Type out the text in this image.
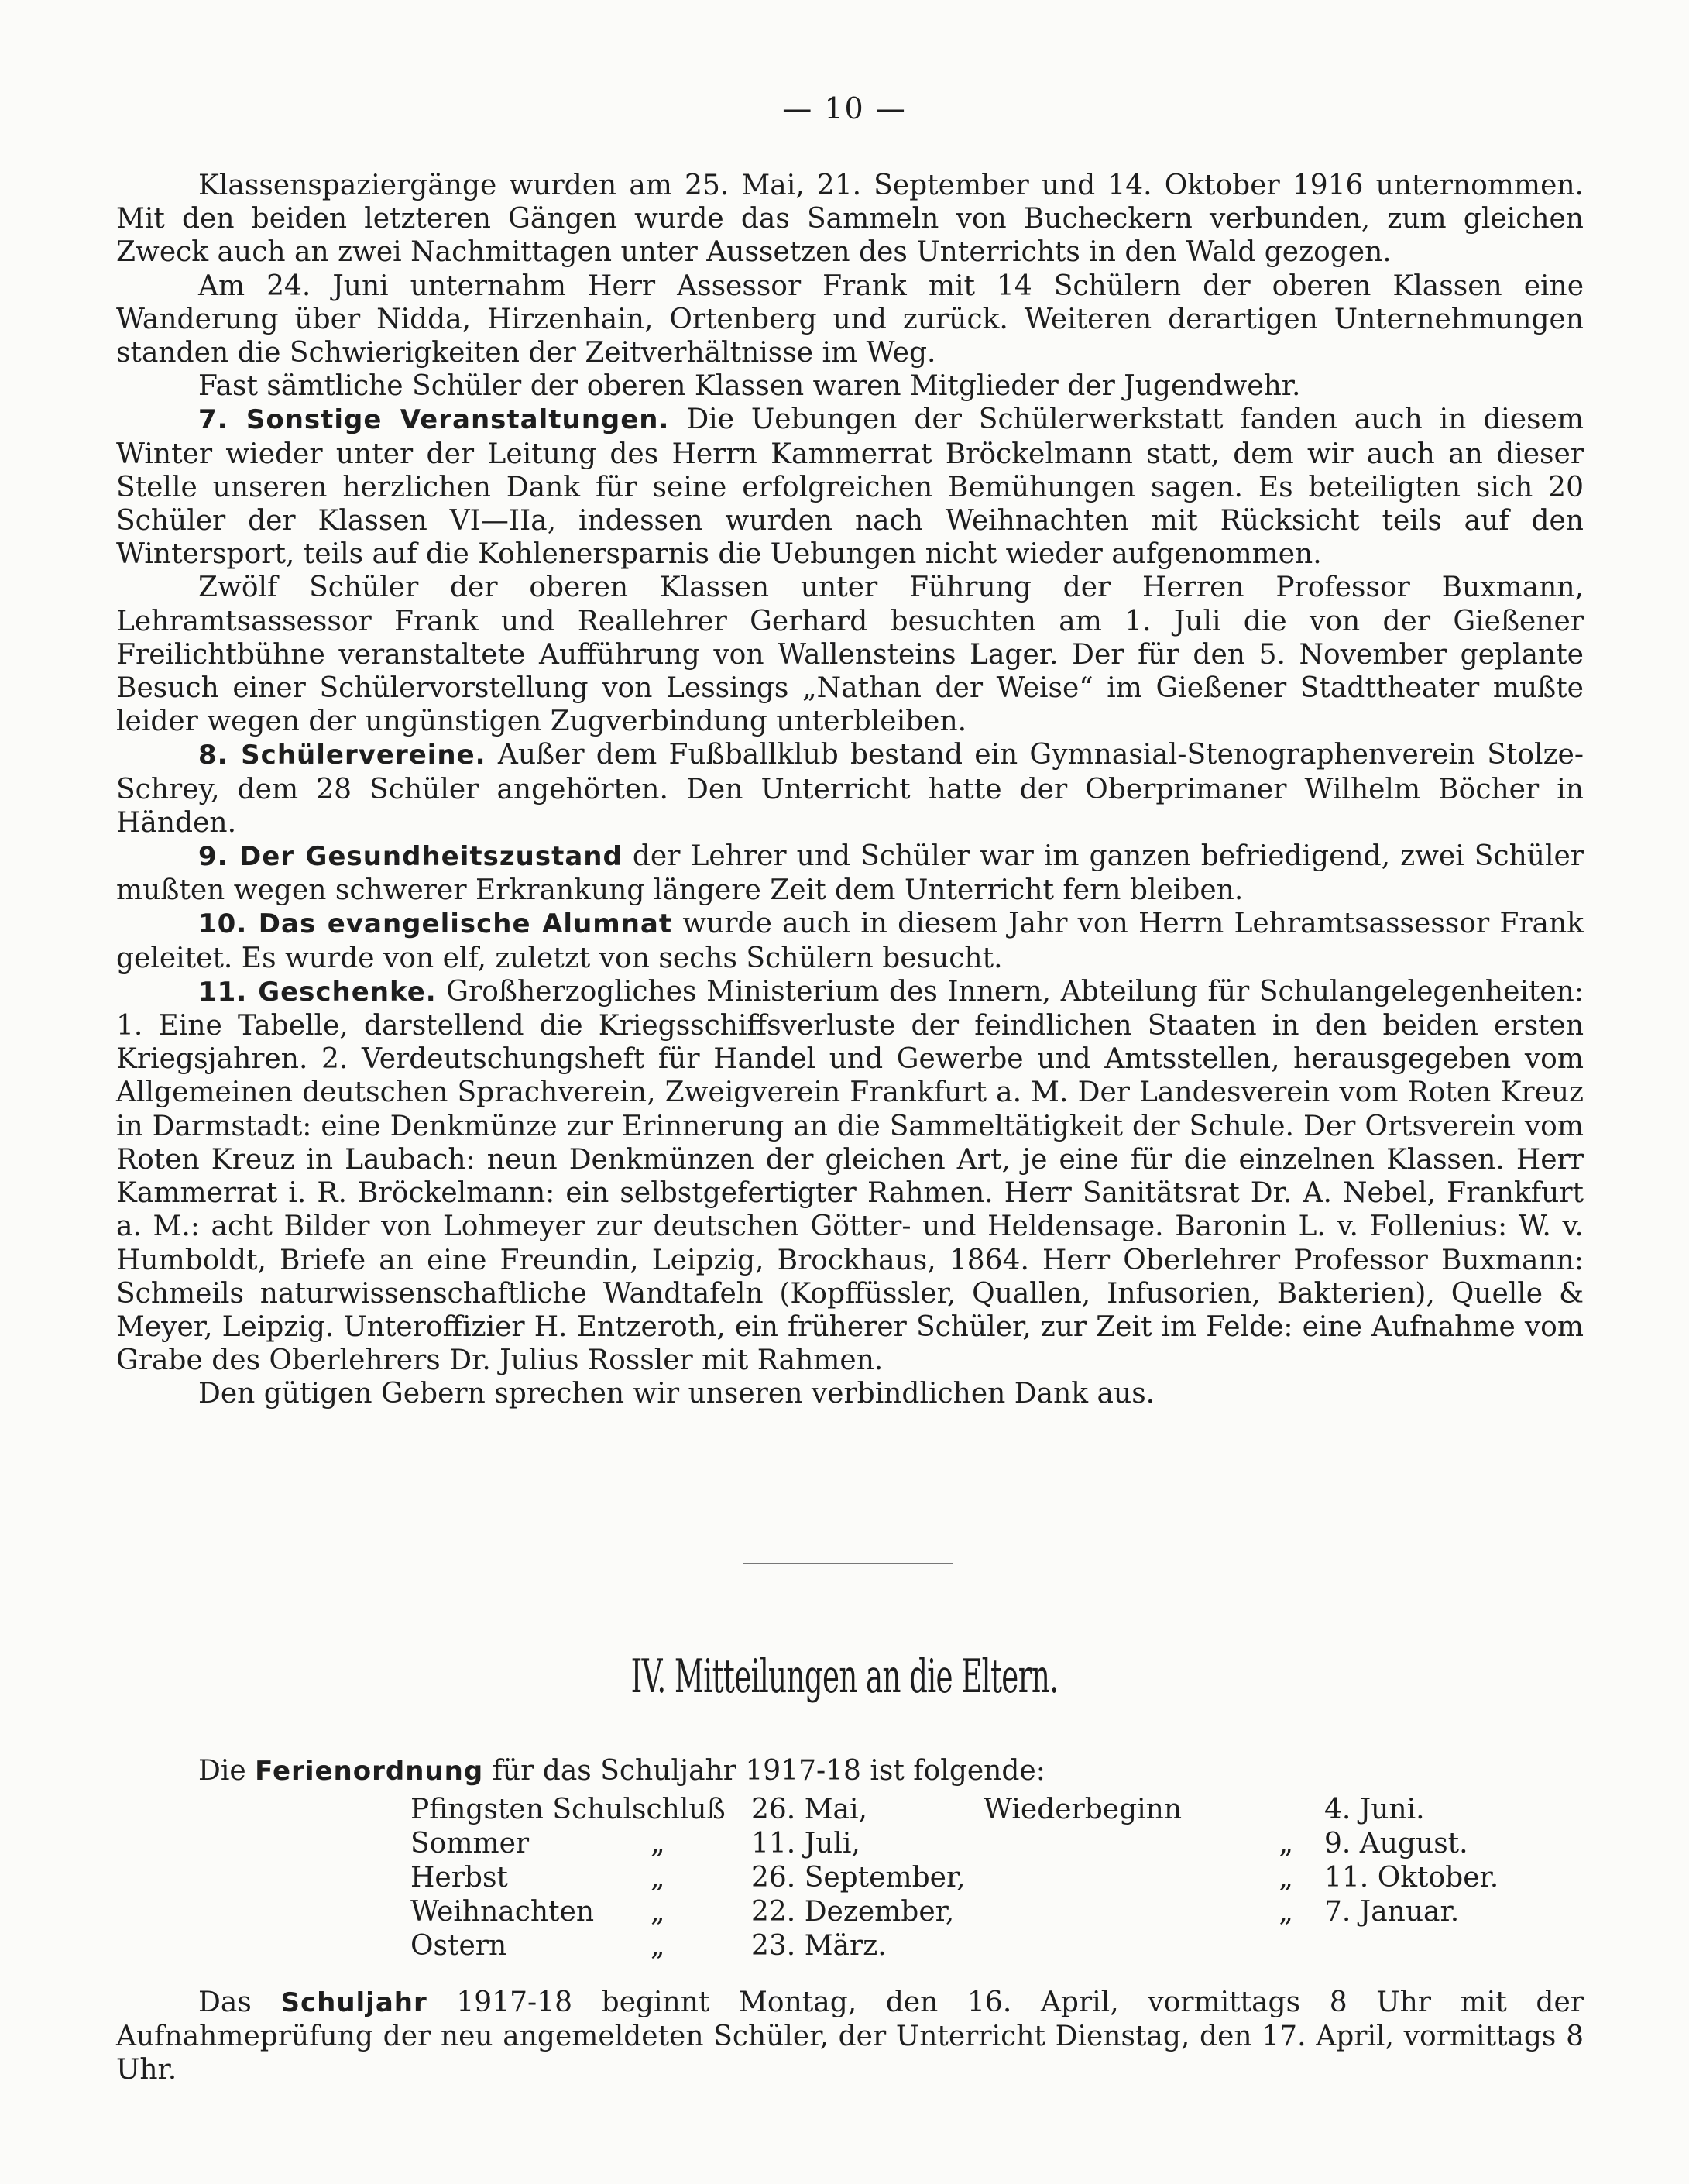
— 10 —

Klassenspaziergänge wurden am 25. Mai, 21. September und 14. Oktober 1916 unternommen. Mit den beiden letzteren Gängen wurde das Sammeln von Bucheckern verbunden, zum gleichen Zweck auch an zwei Nachmittagen unter Aussetzen des Unterrichts in den Wald gezogen.

Am 24. Juni unternahm Herr Assessor Frank mit 14 Schülern der oberen Klassen eine Wanderung über Nidda, Hirzenhain, Ortenberg und zurück. Weiteren derartigen Unternehmungen standen die Schwierigkeiten der Zeitverhältnisse im Weg.

Fast sämtliche Schüler der oberen Klassen waren Mitglieder der Jugendwehr.

7. Sonstige Veranstaltungen. Die Uebungen der Schülerwerkstatt fanden auch in diesem Winter wieder unter der Leitung des Herrn Kammerrat Bröckelmann statt, dem wir auch an dieser Stelle unseren herzlichen Dank für seine erfolgreichen Bemühungen sagen. Es beteiligten sich 20 Schüler der Klassen VI—IIa, indessen wurden nach Weihnachten mit Rücksicht teils auf den Wintersport, teils auf die Kohlenersparnis die Uebungen nicht wieder aufgenommen.

Zwölf Schüler der oberen Klassen unter Führung der Herren Professor Buxmann, Lehramtsassessor Frank und Reallehrer Gerhard besuchten am 1. Juli die von der Gießener Freilichtbühne veranstaltete Aufführung von Wallensteins Lager. Der für den 5. November geplante Besuch einer Schülervorstellung von Lessings „Nathan der Weise“ im Gießener Stadttheater mußte leider wegen der ungünstigen Zugverbindung unterbleiben.

8. Schülervereine. Außer dem Fußballklub bestand ein Gymnasial-Stenographenverein Stolze-Schrey, dem 28 Schüler angehörten. Den Unterricht hatte der Oberprimaner Wilhelm Böcher in Händen.

9. Der Gesundheitszustand der Lehrer und Schüler war im ganzen befriedigend, zwei Schüler mußten wegen schwerer Erkrankung längere Zeit dem Unterricht fern bleiben.

10. Das evangelische Alumnat wurde auch in diesem Jahr von Herrn Lehramtsassessor Frank geleitet. Es wurde von elf, zuletzt von sechs Schülern besucht.

11. Geschenke. Großherzogliches Ministerium des Innern, Abteilung für Schulangelegenheiten: 1. Eine Tabelle, darstellend die Kriegsschiffsverluste der feindlichen Staaten in den beiden ersten Kriegsjahren. 2. Verdeutschungsheft für Handel und Gewerbe und Amtsstellen, herausgegeben vom Allgemeinen deutschen Sprachverein, Zweigverein Frankfurt a. M. Der Landesverein vom Roten Kreuz in Darmstadt: eine Denkmünze zur Erinnerung an die Sammeltätigkeit der Schule. Der Ortsverein vom Roten Kreuz in Laubach: neun Denkmünzen der gleichen Art, je eine für die einzelnen Klassen. Herr Kammerrat i. R. Bröckelmann: ein selbstgefertigter Rahmen. Herr Sanitätsrat Dr. A. Nebel, Frankfurt a. M.: acht Bilder von Lohmeyer zur deutschen Götter- und Heldensage. Baronin L. v. Follenius: W. v. Humboldt, Briefe an eine Freundin, Leipzig, Brockhaus, 1864. Herr Oberlehrer Professor Buxmann: Schmeils naturwissenschaftliche Wandtafeln (Kopffüssler, Quallen, Infusorien, Bakterien), Quelle & Meyer, Leipzig. Unteroffizier H. Entzeroth, ein früherer Schüler, zur Zeit im Felde: eine Aufnahme vom Grabe des Oberlehrers Dr. Julius Rossler mit Rahmen.

Den gütigen Gebern sprechen wir unseren verbindlichen Dank aus.

IV. Mitteilungen an die Eltern.
Die Ferienordnung für das Schuljahr 1917-18 ist folgende:
Pfingsten Schulschluß	26. Mai,	Wiederbeginn	4. Juni.
Sommer „	11. Juli,	„	9. August.
Herbst „	26. September,	„	11. Oktober.
Weihnachten „	22. Dezember,	„	7. Januar.
Ostern „	23. März.		

Das Schuljahr 1917-18 beginnt Montag, den 16. April, vormittags 8 Uhr mit der Aufnahmeprüfung der neu angemeldeten Schüler, der Unterricht Dienstag, den 17. April, vormittags 8 Uhr.
